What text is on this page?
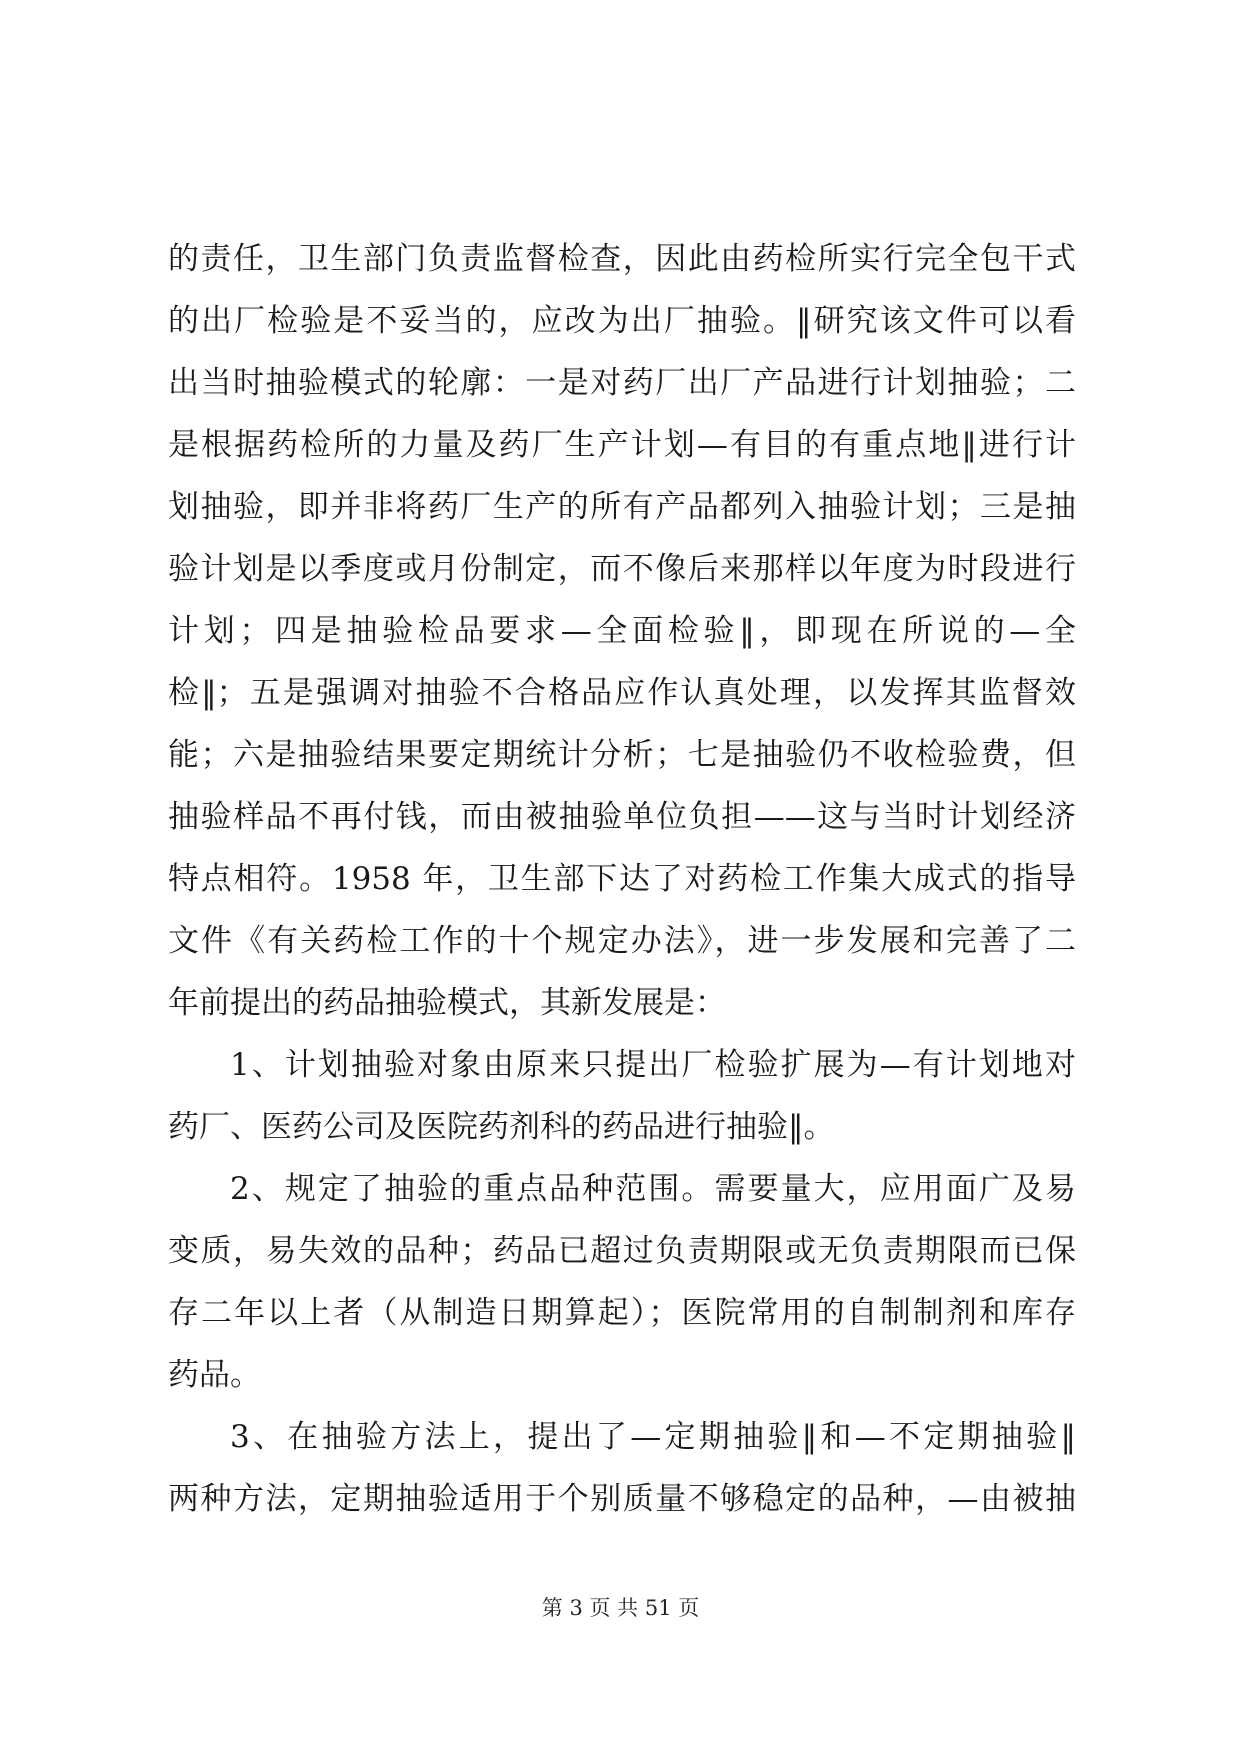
的责任，卫生部门负责监督检查，因此由药检所实行完全包干式
的出厂检验是不妥当的，应改为出厂抽验。‖研究该文件可以看
出当时抽验模式的轮廓：一是对药厂出厂产品进行计划抽验；二
是根据药检所的力量及药厂生产计划—有目的有重点地‖进行计
划抽验，即并非将药厂生产的所有产品都列入抽验计划；三是抽
验计划是以季度或月份制定，而不像后来那样以年度为时段进行
计划；四是抽验检品要求—全面检验‖，即现在所说的—全
检‖；五是强调对抽验不合格品应作认真处理，以发挥其监督效
能；六是抽验结果要定期统计分析；七是抽验仍不收检验费，但
抽验样品不再付钱，而由被抽验单位负担——这与当时计划经济
特点相符。1958 年，卫生部下达了对药检工作集大成式的指导
文件《有关药检工作的十个规定办法》，进一步发展和完善了二
年前提出的药品抽验模式，其新发展是：
1、计划抽验对象由原来只提出厂检验扩展为—有计划地对
药厂、医药公司及医院药剂科的药品进行抽验‖。
2、规定了抽验的重点品种范围。需要量大，应用面广及易
变质，易失效的品种；药品已超过负责期限或无负责期限而已保
存二年以上者（从制造日期算起）；医院常用的自制制剂和库存
药品。
3、在抽验方法上，提出了—定期抽验‖和—不定期抽验‖
两种方法，定期抽验适用于个别质量不够稳定的品种，—由被抽
第 3 页 共 51 页
